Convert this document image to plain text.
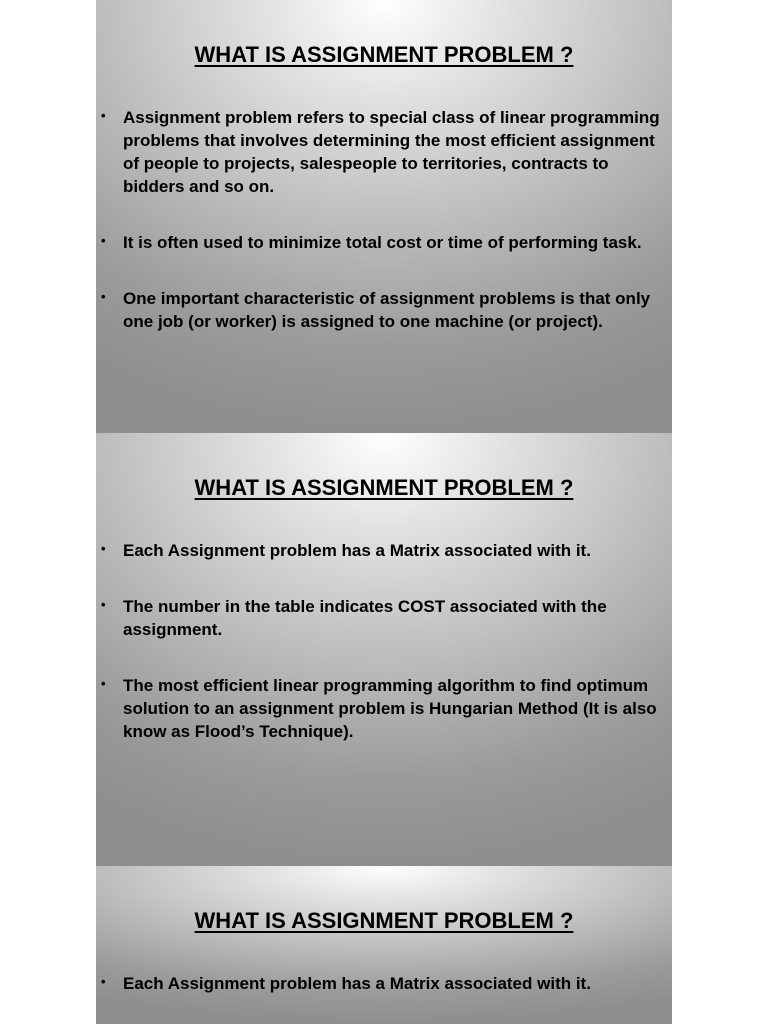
WHAT IS ASSIGNMENT PROBLEM ?
• Assignment problem refers to special class of linear programming problems that involves determining the most efficient assignment of people to projects, salespeople to territories, contracts to bidders and so on.
• It is often used to minimize total cost or time of performing task.
• One important characteristic of assignment problems is that only one job (or worker) is assigned to one machine (or project).
WHAT IS ASSIGNMENT PROBLEM ?
• Each Assignment problem has a Matrix associated with it.
• The number in the table indicates COST associated with the assignment.
• The most efficient linear programming algorithm to find optimum solution to an assignment problem is Hungarian Method (It is also know as Flood’s Technique).
WHAT IS ASSIGNMENT PROBLEM ?
• Each Assignment problem has a Matrix associated with it.
